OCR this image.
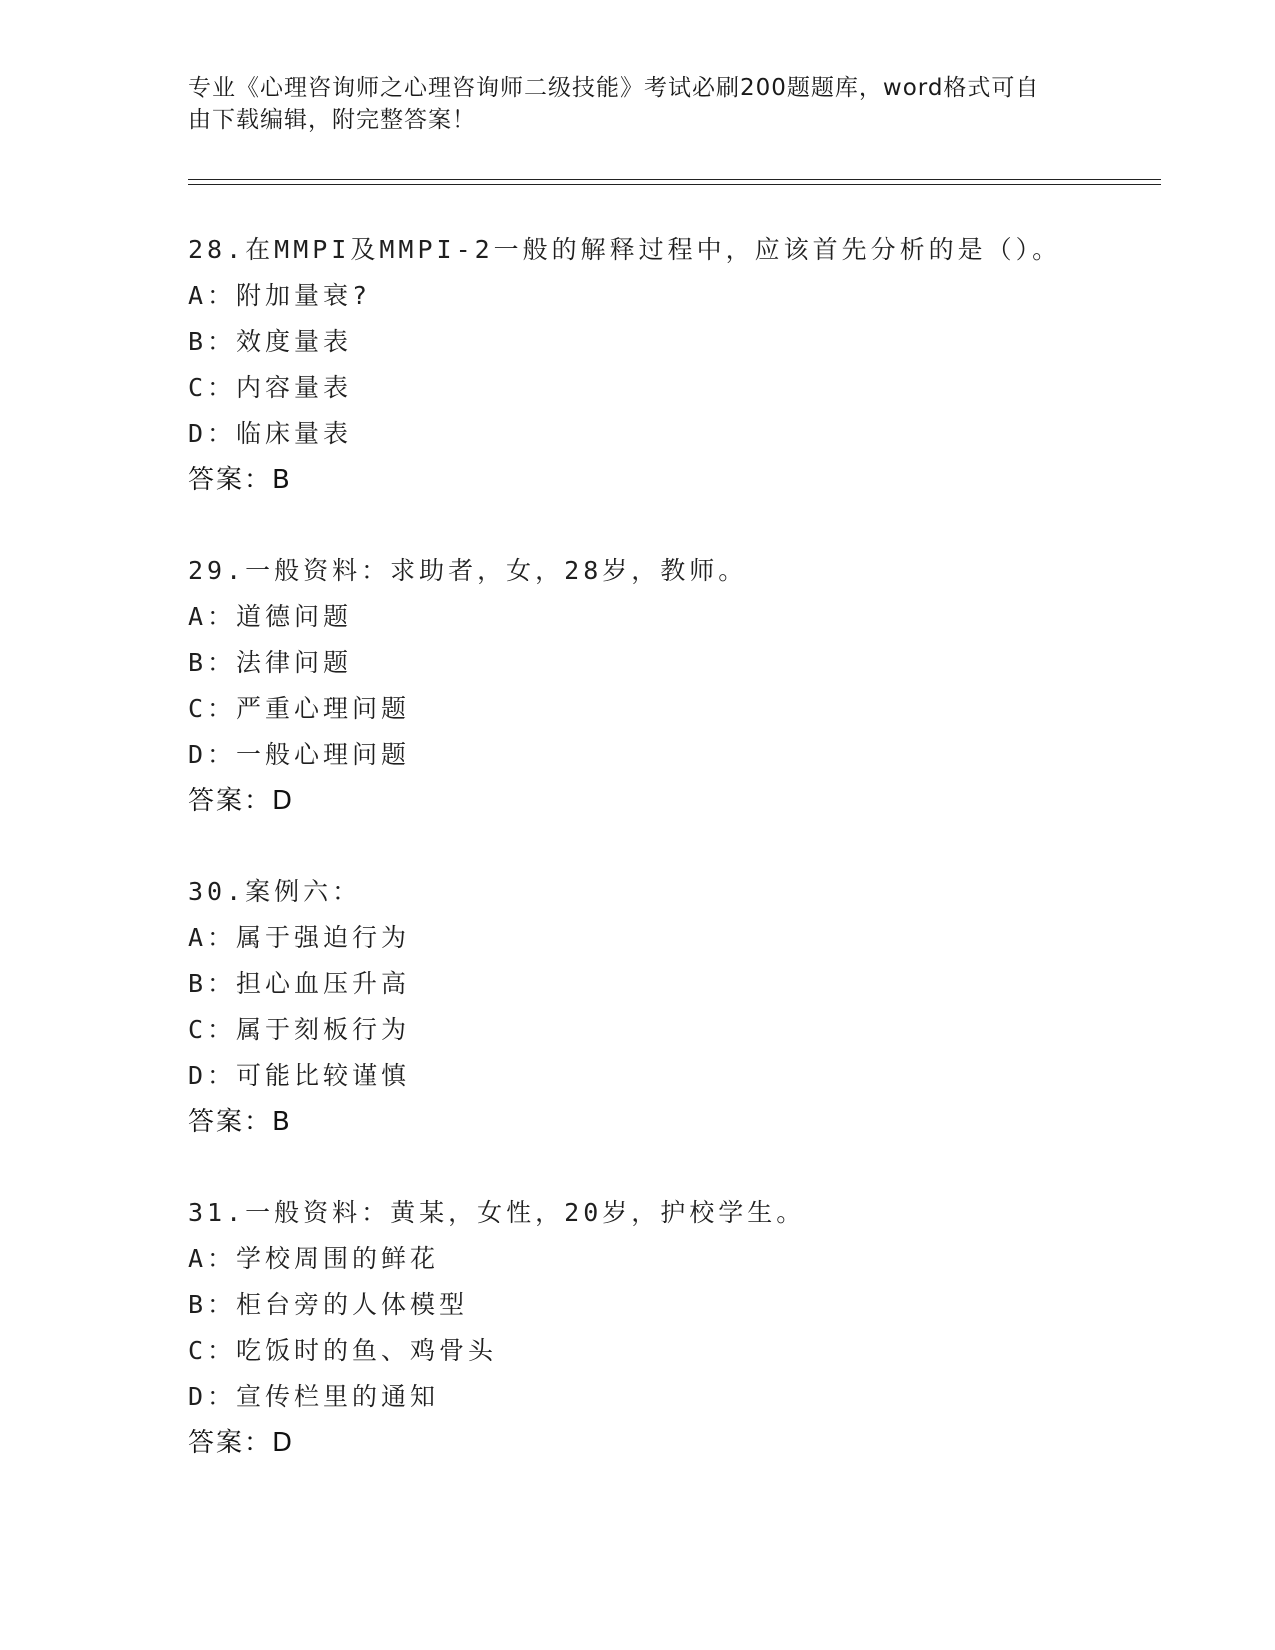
专业《心理咨询师之心理咨询师二级技能》考试必刷200题题库，word格式可自
由下载编辑，附完整答案！
28.在MMPI及MMPI-2一般的解释过程中，应该首先分析的是（）。
A：附加量衰?
B：效度量表
C：内容量表
D：临床量表
答案：B
29.一般资料：求助者，女，28岁，教师。
A：道德问题
B：法律问题
C：严重心理问题
D：一般心理问题
答案：D
30.案例六：
A：属于强迫行为
B：担心血压升高
C：属于刻板行为
D：可能比较谨慎
答案：B
31.一般资料：黄某，女性，20岁，护校学生。
A：学校周围的鲜花
B：柜台旁的人体模型
C：吃饭时的鱼、鸡骨头
D：宣传栏里的通知
答案：D
